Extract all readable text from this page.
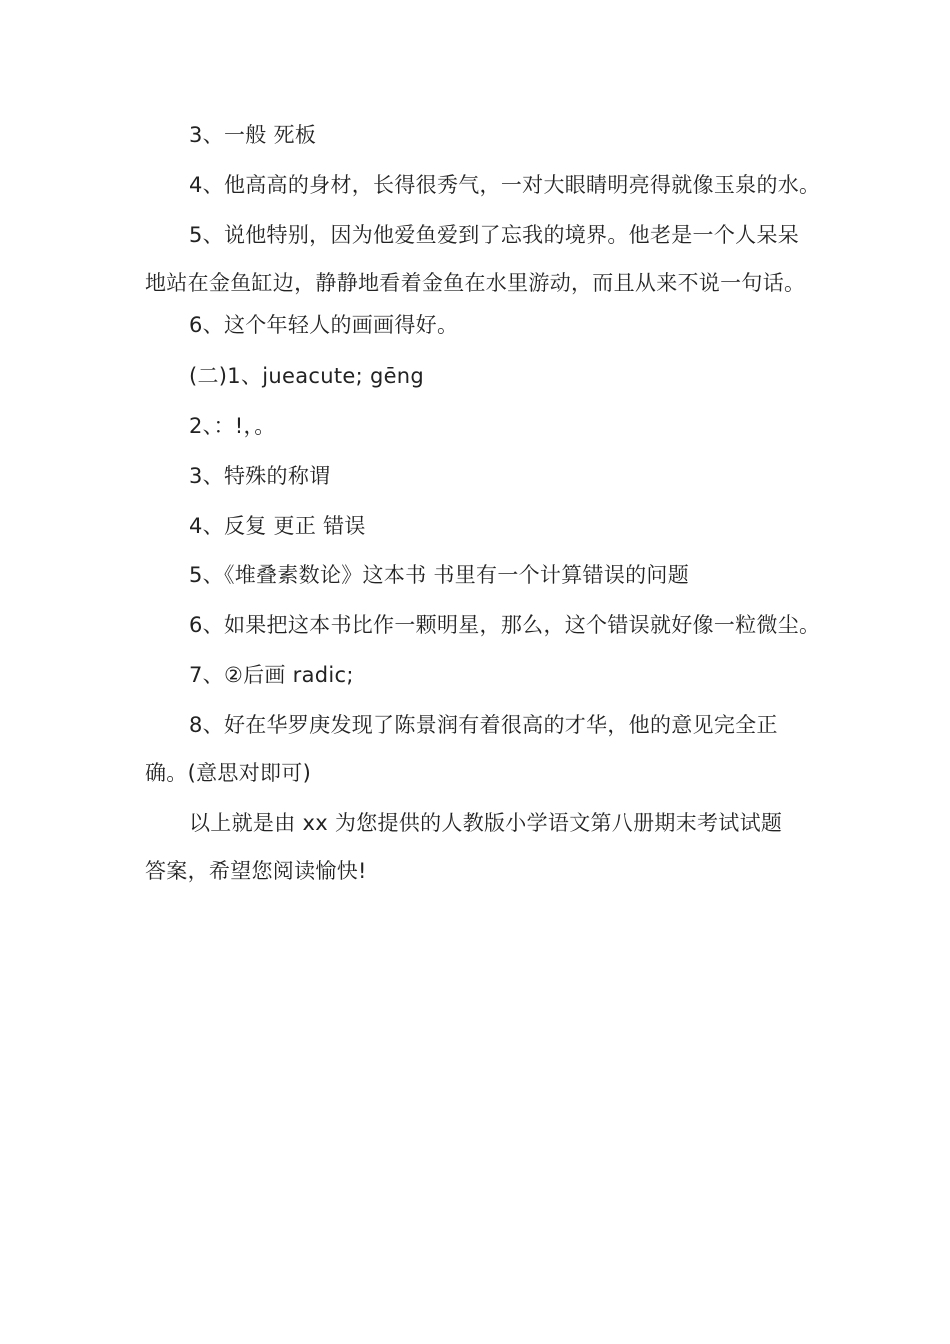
3、一般 死板
4、他高高的身材，长得很秀气，一对大眼睛明亮得就像玉泉的水。
5、说他特别，因为他爱鱼爱到了忘我的境界。他老是一个人呆呆
地站在金鱼缸边，静静地看着金鱼在水里游动，而且从来不说一句话。
6、这个年轻人的画画得好。
(二)1、jueacute; gēng
2、：!，。
3、特殊的称谓
4、反复 更正 错误
5、《堆叠素数论》这本书 书里有一个计算错误的问题
6、如果把这本书比作一颗明星，那么，这个错误就好像一粒微尘。
7、②后画 radic;
8、好在华罗庚发现了陈景润有着很高的才华，他的意见完全正
确。(意思对即可)
以上就是由 xx 为您提供的人教版小学语文第八册期末考试试题
答案，希望您阅读愉快!
